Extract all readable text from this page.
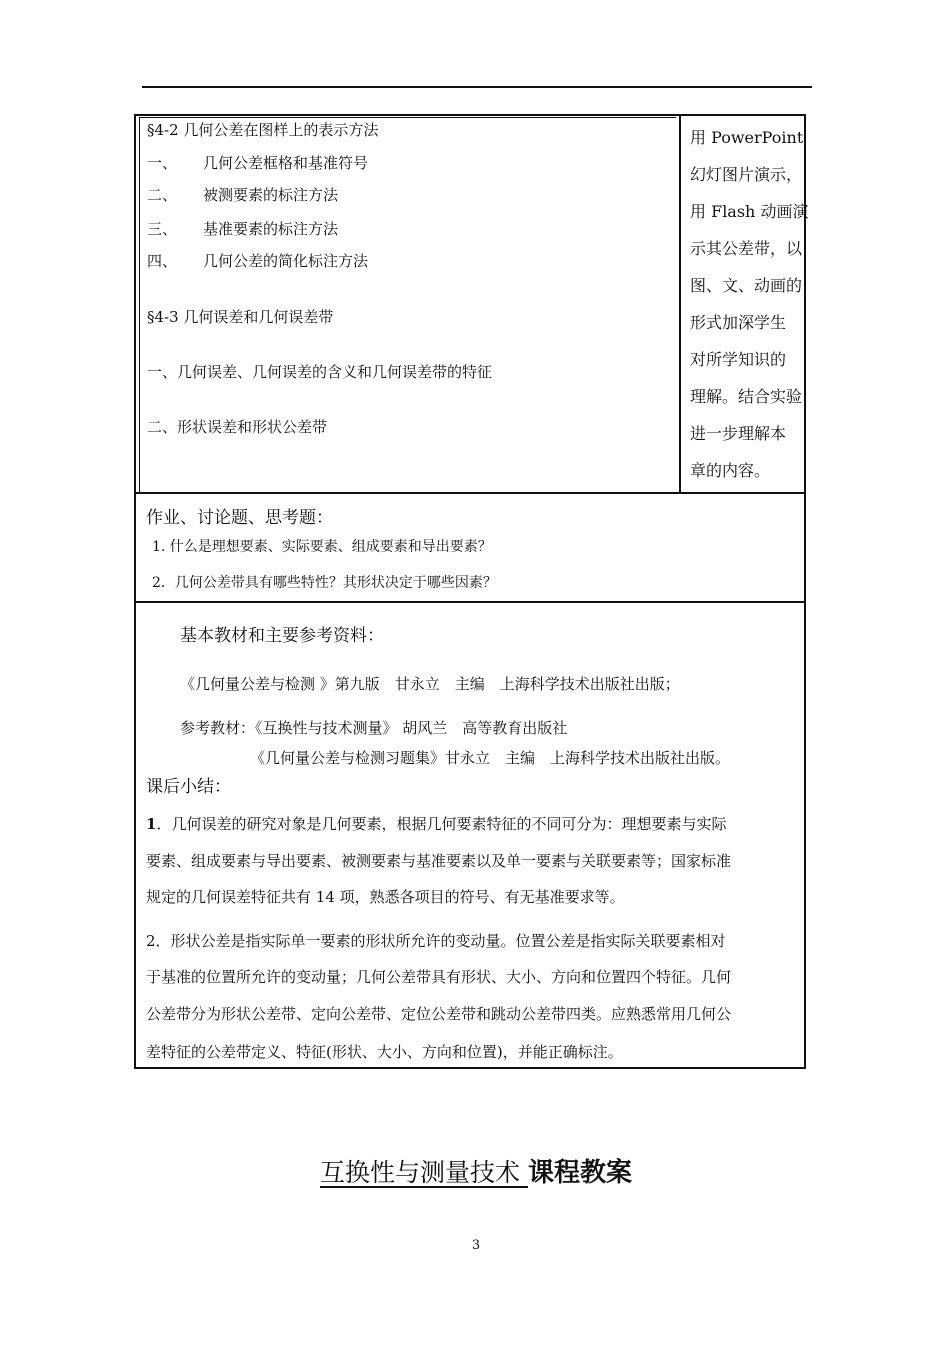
§4-2 几何公差在图样上的表示方法
一、 几何公差框格和基准符号
二、 被测要素的标注方法
三、 基准要素的标注方法
四、 几何公差的简化标注方法
§4-3 几何误差和几何误差带
一、几何误差、几何误差的含义和几何误差带的特征
二、形状误差和形状公差带
用 PowerPoint
幻灯图片演示，
用 Flash 动画演
示其公差带，以
图、文、动画的
形式加深学生
对所学知识的
理解。结合实验
进一步理解本
章的内容。
作业、讨论题、思考题：
1. 什么是理想要素、实际要素、组成要素和导出要素？
2．几何公差带具有哪些特性？其形状决定于哪些因素？
基本教材和主要参考资料：
《几何量公差与检测 》第九版　甘永立　主编　上海科学技术出版社出版；
参考教材：《互换性与技术测量》 胡风兰　高等教育出版社
《几何量公差与检测习题集》甘永立　主编　上海科学技术出版社出版。
课后小结：
1．几何误差的研究对象是几何要素，根据几何要素特征的不同可分为：理想要素与实际
要素、组成要素与导出要素、被测要素与基准要素以及单一要素与关联要素等；国家标准
规定的几何误差特征共有 14 项，熟悉各项目的符号、有无基准要求等。
2．形状公差是指实际单一要素的形状所允许的变动量。位置公差是指实际关联要素相对
于基准的位置所允许的变动量；几何公差带具有形状、大小、方向和位置四个特征。几何
公差带分为形状公差带、定向公差带、定位公差带和跳动公差带四类。应熟悉常用几何公
差特征的公差带定义、特征(形状、大小、方向和位置)，并能正确标注。
互换性与测量技术 课程教案
3
